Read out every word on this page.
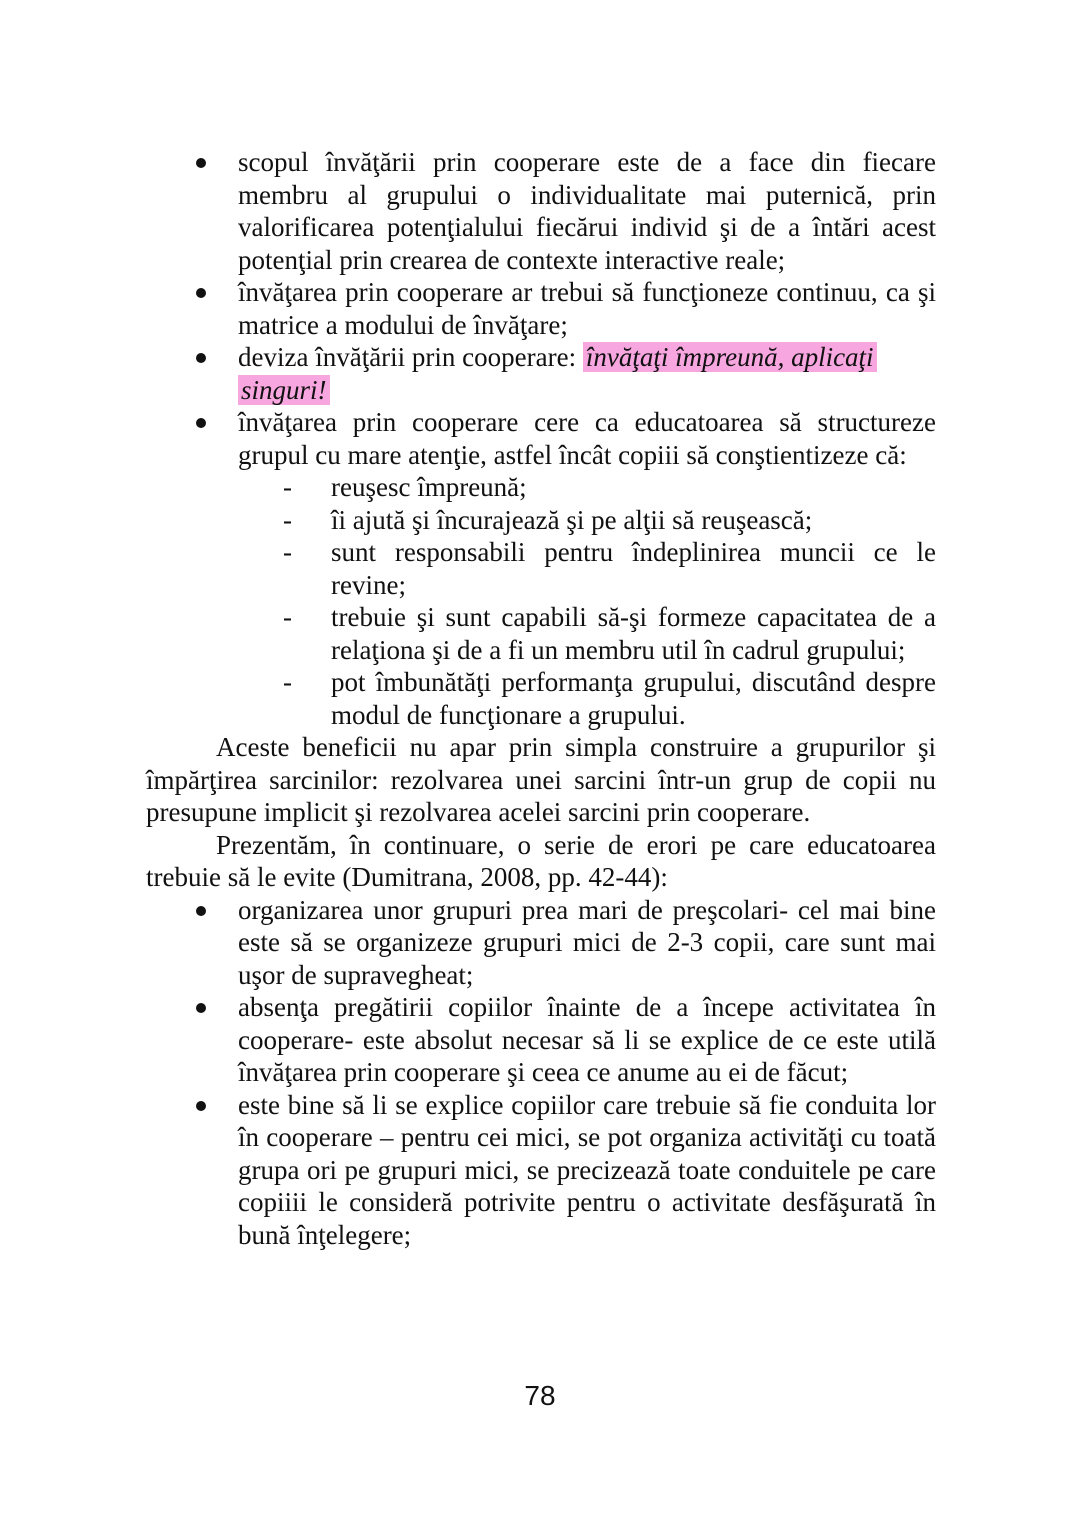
scopul învăţării prin cooperare este de a face din fiecare membru al grupului o individualitate mai puternică, prin valorificarea potenţialului fiecărui individ şi de a întări acest potenţial prin crearea de contexte interactive reale;
învăţarea prin cooperare ar trebui să funcţioneze continuu, ca şi matrice a modului de învăţare;
deviza învăţării prin cooperare: învăţaţi împreună, aplicaţi
singuri!
învăţarea prin cooperare cere ca educatoarea să structureze grupul cu mare atenţie, astfel încât copiii să conştientizeze că:
- reuşesc împreună;
- îi ajută şi încurajează şi pe alţii să reuşească;
- sunt responsabili pentru îndeplinirea muncii ce le revine;
- trebuie şi sunt capabili să-şi formeze capacitatea de a relaţiona şi de a fi un membru util în cadrul grupului;
- pot îmbunătăţi performanţa grupului, discutând despre modul de funcţionare a grupului.
Aceste beneficii nu apar prin simpla construire a grupurilor şi împărţirea sarcinilor: rezolvarea unei sarcini într-un grup de copii nu presupune implicit şi rezolvarea acelei sarcini prin cooperare.
Prezentăm, în continuare, o serie de erori pe care educatoarea trebuie să le evite (Dumitrana, 2008, pp. 42-44):
organizarea unor grupuri prea mari de preşcolari- cel mai bine este să se organizeze grupuri mici de 2-3 copii, care sunt mai uşor de supravegheat;
absenţa pregătirii copiilor înainte de a începe activitatea în cooperare- este absolut necesar să li se explice de ce este utilă învăţarea prin cooperare şi ceea ce anume au ei de făcut;
este bine să li se explice copiilor care trebuie să fie conduita lor în cooperare – pentru cei mici, se pot organiza activităţi cu toată grupa ori pe grupuri mici, se precizează toate conduitele pe care copiiii le consideră potrivite pentru o activitate desfăşurată în bună înţelegere;
78
